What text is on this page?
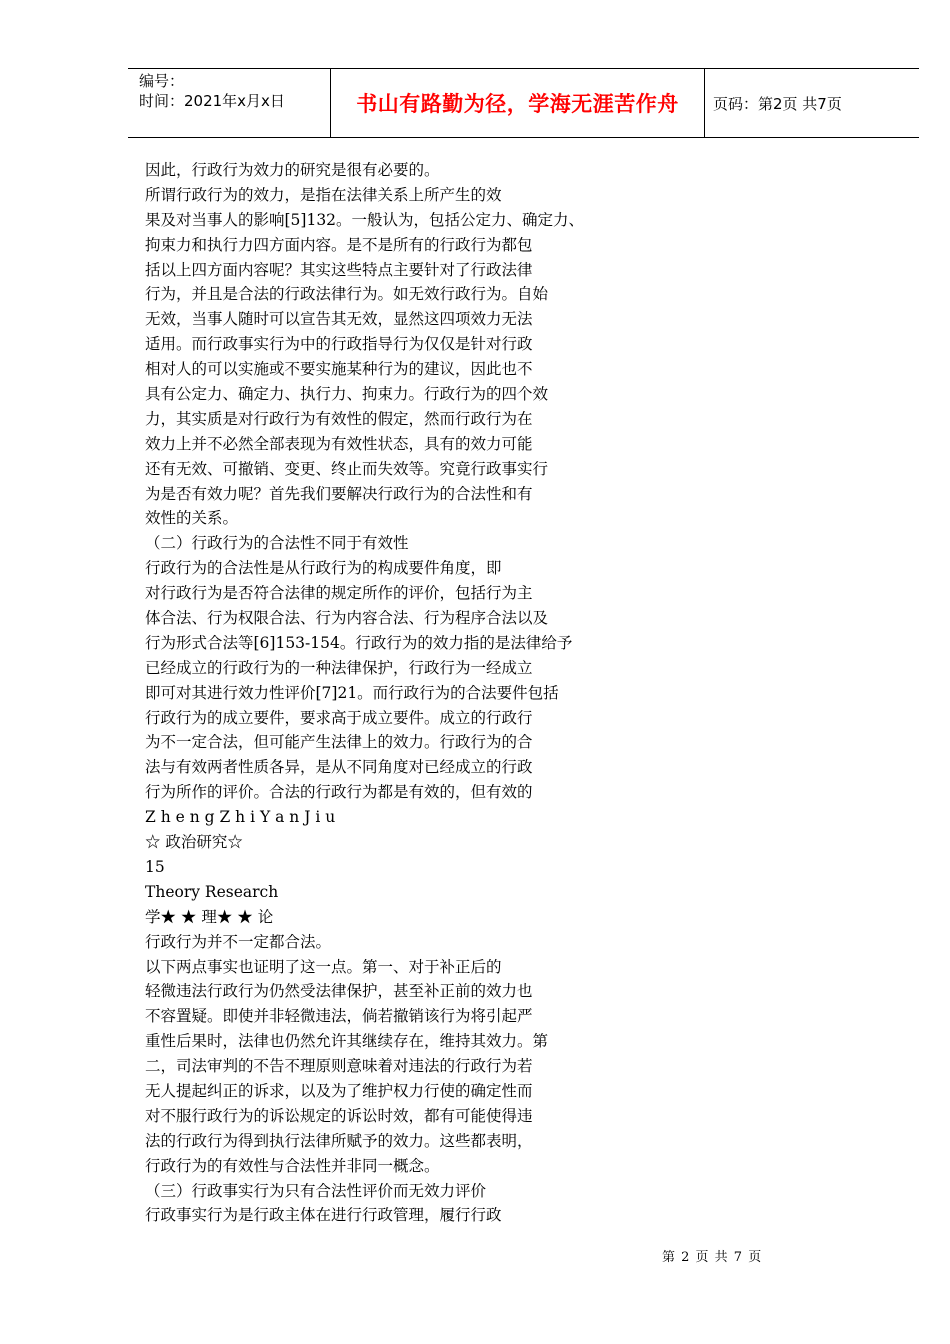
编号：
时间：2021年x月x日	书山有路勤为径，学海无涯苦作舟 页码：第2页 共7页
因此，行政行为效力的研究是很有必要的。
所谓行政行为的效力，是指在法律关系上所产生的效
果及对当事人的影响[5]132。一般认为，包括公定力、确定力、
拘束力和执行力四方面内容。是不是所有的行政行为都包
括以上四方面内容呢？其实这些特点主要针对了行政法律
行为，并且是合法的行政法律行为。如无效行政行为。自始
无效，当事人随时可以宣告其无效，显然这四项效力无法
适用。而行政事实行为中的行政指导行为仅仅是针对行政
相对人的可以实施或不要实施某种行为的建议，因此也不
具有公定力、确定力、执行力、拘束力。行政行为的四个效
力，其实质是对行政行为有效性的假定，然而行政行为在
效力上并不必然全部表现为有效性状态，具有的效力可能
还有无效、可撤销、变更、终止而失效等。究竟行政事实行
为是否有效力呢？首先我们要解决行政行为的合法性和有
效性的关系。
（二）行政行为的合法性不同于有效性
行政行为的合法性是从行政行为的构成要件角度，即
对行政行为是否符合法律的规定所作的评价，包括行为主
体合法、行为权限合法、行为内容合法、行为程序合法以及
行为形式合法等[6]153-154。行政行为的效力指的是法律给予
已经成立的行政行为的一种法律保护，行政行为一经成立
即可对其进行效力性评价[7]21。而行政行为的合法要件包括
行政行为的成立要件，要求高于成立要件。成立的行政行
为不一定合法，但可能产生法律上的效力。行政行为的合
法与有效两者性质各异，是从不同角度对已经成立的行政
行为所作的评价。合法的行政行为都是有效的，但有效的
Z h e n g Z h i Y a n J i u
☆ 政治研究☆
15
Theory Research
学★ ★ 理★ ★ 论
行政行为并不一定都合法。
以下两点事实也证明了这一点。第一、对于补正后的
轻微违法行政行为仍然受法律保护，甚至补正前的效力也
不容置疑。即使并非轻微违法，倘若撤销该行为将引起严
重性后果时，法律也仍然允许其继续存在，维持其效力。第
二，司法审判的不告不理原则意味着对违法的行政行为若
无人提起纠正的诉求，以及为了维护权力行使的确定性而
对不服行政行为的诉讼规定的诉讼时效，都有可能使得违
法的行政行为得到执行法律所赋予的效力。这些都表明，
行政行为的有效性与合法性并非同一概念。
（三）行政事实行为只有合法性评价而无效力评价
行政事实行为是行政主体在进行行政管理，履行行政
第 2 页 共 7 页
